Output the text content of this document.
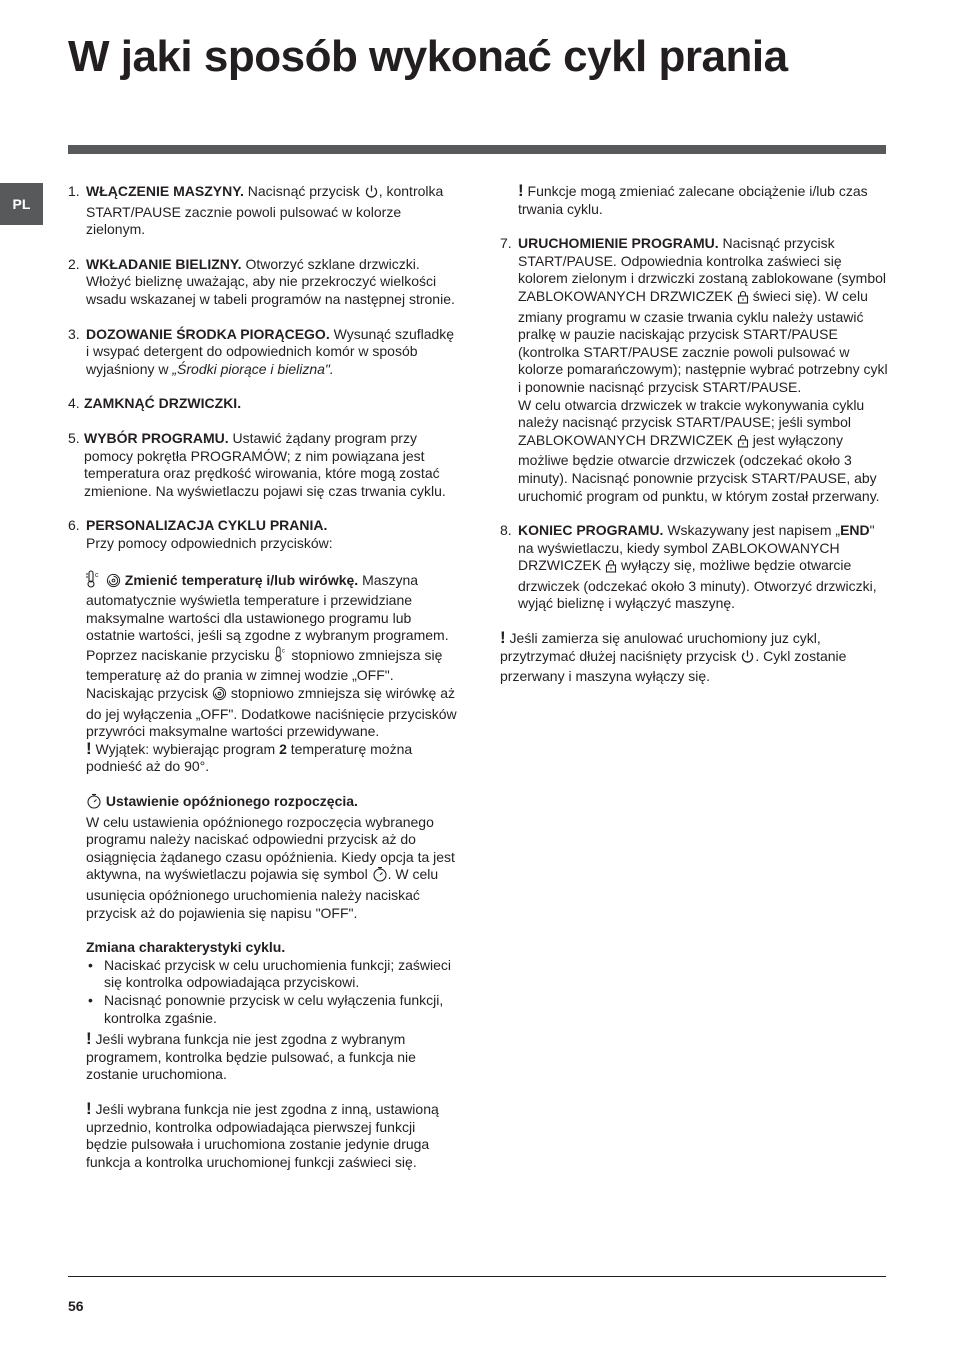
W jaki sposób wykonać cykl prania
PL
1. WŁĄCZENIE MASZYNY. Nacisnąć przycisk , kontrolka START/PAUSE zacznie powoli pulsować w kolorze zielonym.
2. WKŁADANIE BIELIZNY. Otworzyć szklane drzwiczki. Włożyć bieliznę uważając, aby nie przekroczyć wielkości wsadu wskazanej w tabeli programów na następnej stronie.
3. DOZOWANIE ŚRODKA PIORĄCEGO. Wysunąć szufladkę i wsypać detergent do odpowiednich komór w sposób wyjaśniony w „Środki piorące i bielizna".
4. ZAMKNĄĆ DRZWICZKI.
5. WYBÓR PROGRAMU. Ustawić żądany program przy pomocy pokrętła PROGRAMÓW; z nim powiązana jest temperatura oraz prędkość wirowania, które mogą zostać zmienione. Na wyświetlaczu pojawi się czas trwania cyklu.
6. PERSONALIZACJA CYKLU PRANIA.
Przy pomocy odpowiednich przycisków:
c Zmienić temperaturę i/lub wirówkę. Maszyna automatycznie wyświetla temperature i przewidziane maksymalne wartości dla ustawionego programu lub ostatnie wartości, jeśli są zgodne z wybranym programem. Poprzez naciskanie przycisku c stopniowo zmniejsza się temperaturę aż do prania w zimnej wodzie „OFF". Naciskając przycisk  stopniowo zmniejsza się wirówkę aż do jej wyłączenia „OFF". Dodatkowe naciśnięcie przycisków przywróci maksymalne wartości przewidywane.
! Wyjątek: wybierając program 2 temperaturę można podnieść aż do 90°.
Ustawienie opóźnionego rozpoczęcia.
W celu ustawienia opóźnionego rozpoczęcia wybranego programu należy naciskać odpowiedni przycisk aż do osiągnięcia żądanego czasu opóźnienia. Kiedy opcja ta jest aktywna, na wyświetlaczu pojawia się symbol . W celu usunięcia opóźnionego uruchomienia należy naciskać przycisk aż do pojawienia się napisu "OFF".
Zmiana charakterystyki cyklu.
• Naciskać przycisk w celu uruchomienia funkcji; zaświeci się kontrolka odpowiadająca przyciskowi.
• Nacisnąć ponownie przycisk w celu wyłączenia funkcji, kontrolka zgaśnie.
! Jeśli wybrana funkcja nie jest zgodna z wybranym programem, kontrolka będzie pulsować, a funkcja nie zostanie uruchomiona.
! Jeśli wybrana funkcja nie jest zgodna z inną, ustawioną uprzednio, kontrolka odpowiadająca pierwszej funkcji będzie pulsowała i uruchomiona zostanie jedynie druga funkcja a kontrolka uruchomionej funkcji zaświeci się.
! Funkcje mogą zmieniać zalecane obciążenie i/lub czas trwania cyklu.
7. URUCHOMIENIE PROGRAMU. Nacisnąć przycisk START/PAUSE. Odpowiednia kontrolka zaświeci się kolorem zielonym i drzwiczki zostaną zablokowane (symbol ZABLOKOWANYCH DRZWICZEK  świeci się). W celu zmiany programu w czasie trwania cyklu należy ustawić pralkę w pauzie naciskając przycisk START/PAUSE (kontrolka START/PAUSE zacznie powoli pulsować w kolorze pomarańczowym); następnie wybrać potrzebny cykl i ponownie nacisnąć przycisk START/PAUSE.
W celu otwarcia drzwiczek w trakcie wykonywania cyklu należy nacisnąć przycisk START/PAUSE; jeśli symbol ZABLOKOWANYCH DRZWICZEK  jest wyłączony możliwe będzie otwarcie drzwiczek (odczekać około 3 minuty). Nacisnąć ponownie przycisk START/PAUSE, aby uruchomić program od punktu, w którym został przerwany.
8. KONIEC PROGRAMU. Wskazywany jest napisem „END" na wyświetlaczu, kiedy symbol ZABLOKOWANYCH DRZWICZEK  wyłączy się, możliwe będzie otwarcie drzwiczek (odczekać około 3 minuty). Otworzyć drzwiczki, wyjąć bieliznę i wyłączyć maszynę.
! Jeśli zamierza się anulować uruchomiony juz cykl, przytrzymać dłużej naciśnięty przycisk . Cykl zostanie przerwany i maszyna wyłączy się.
56
